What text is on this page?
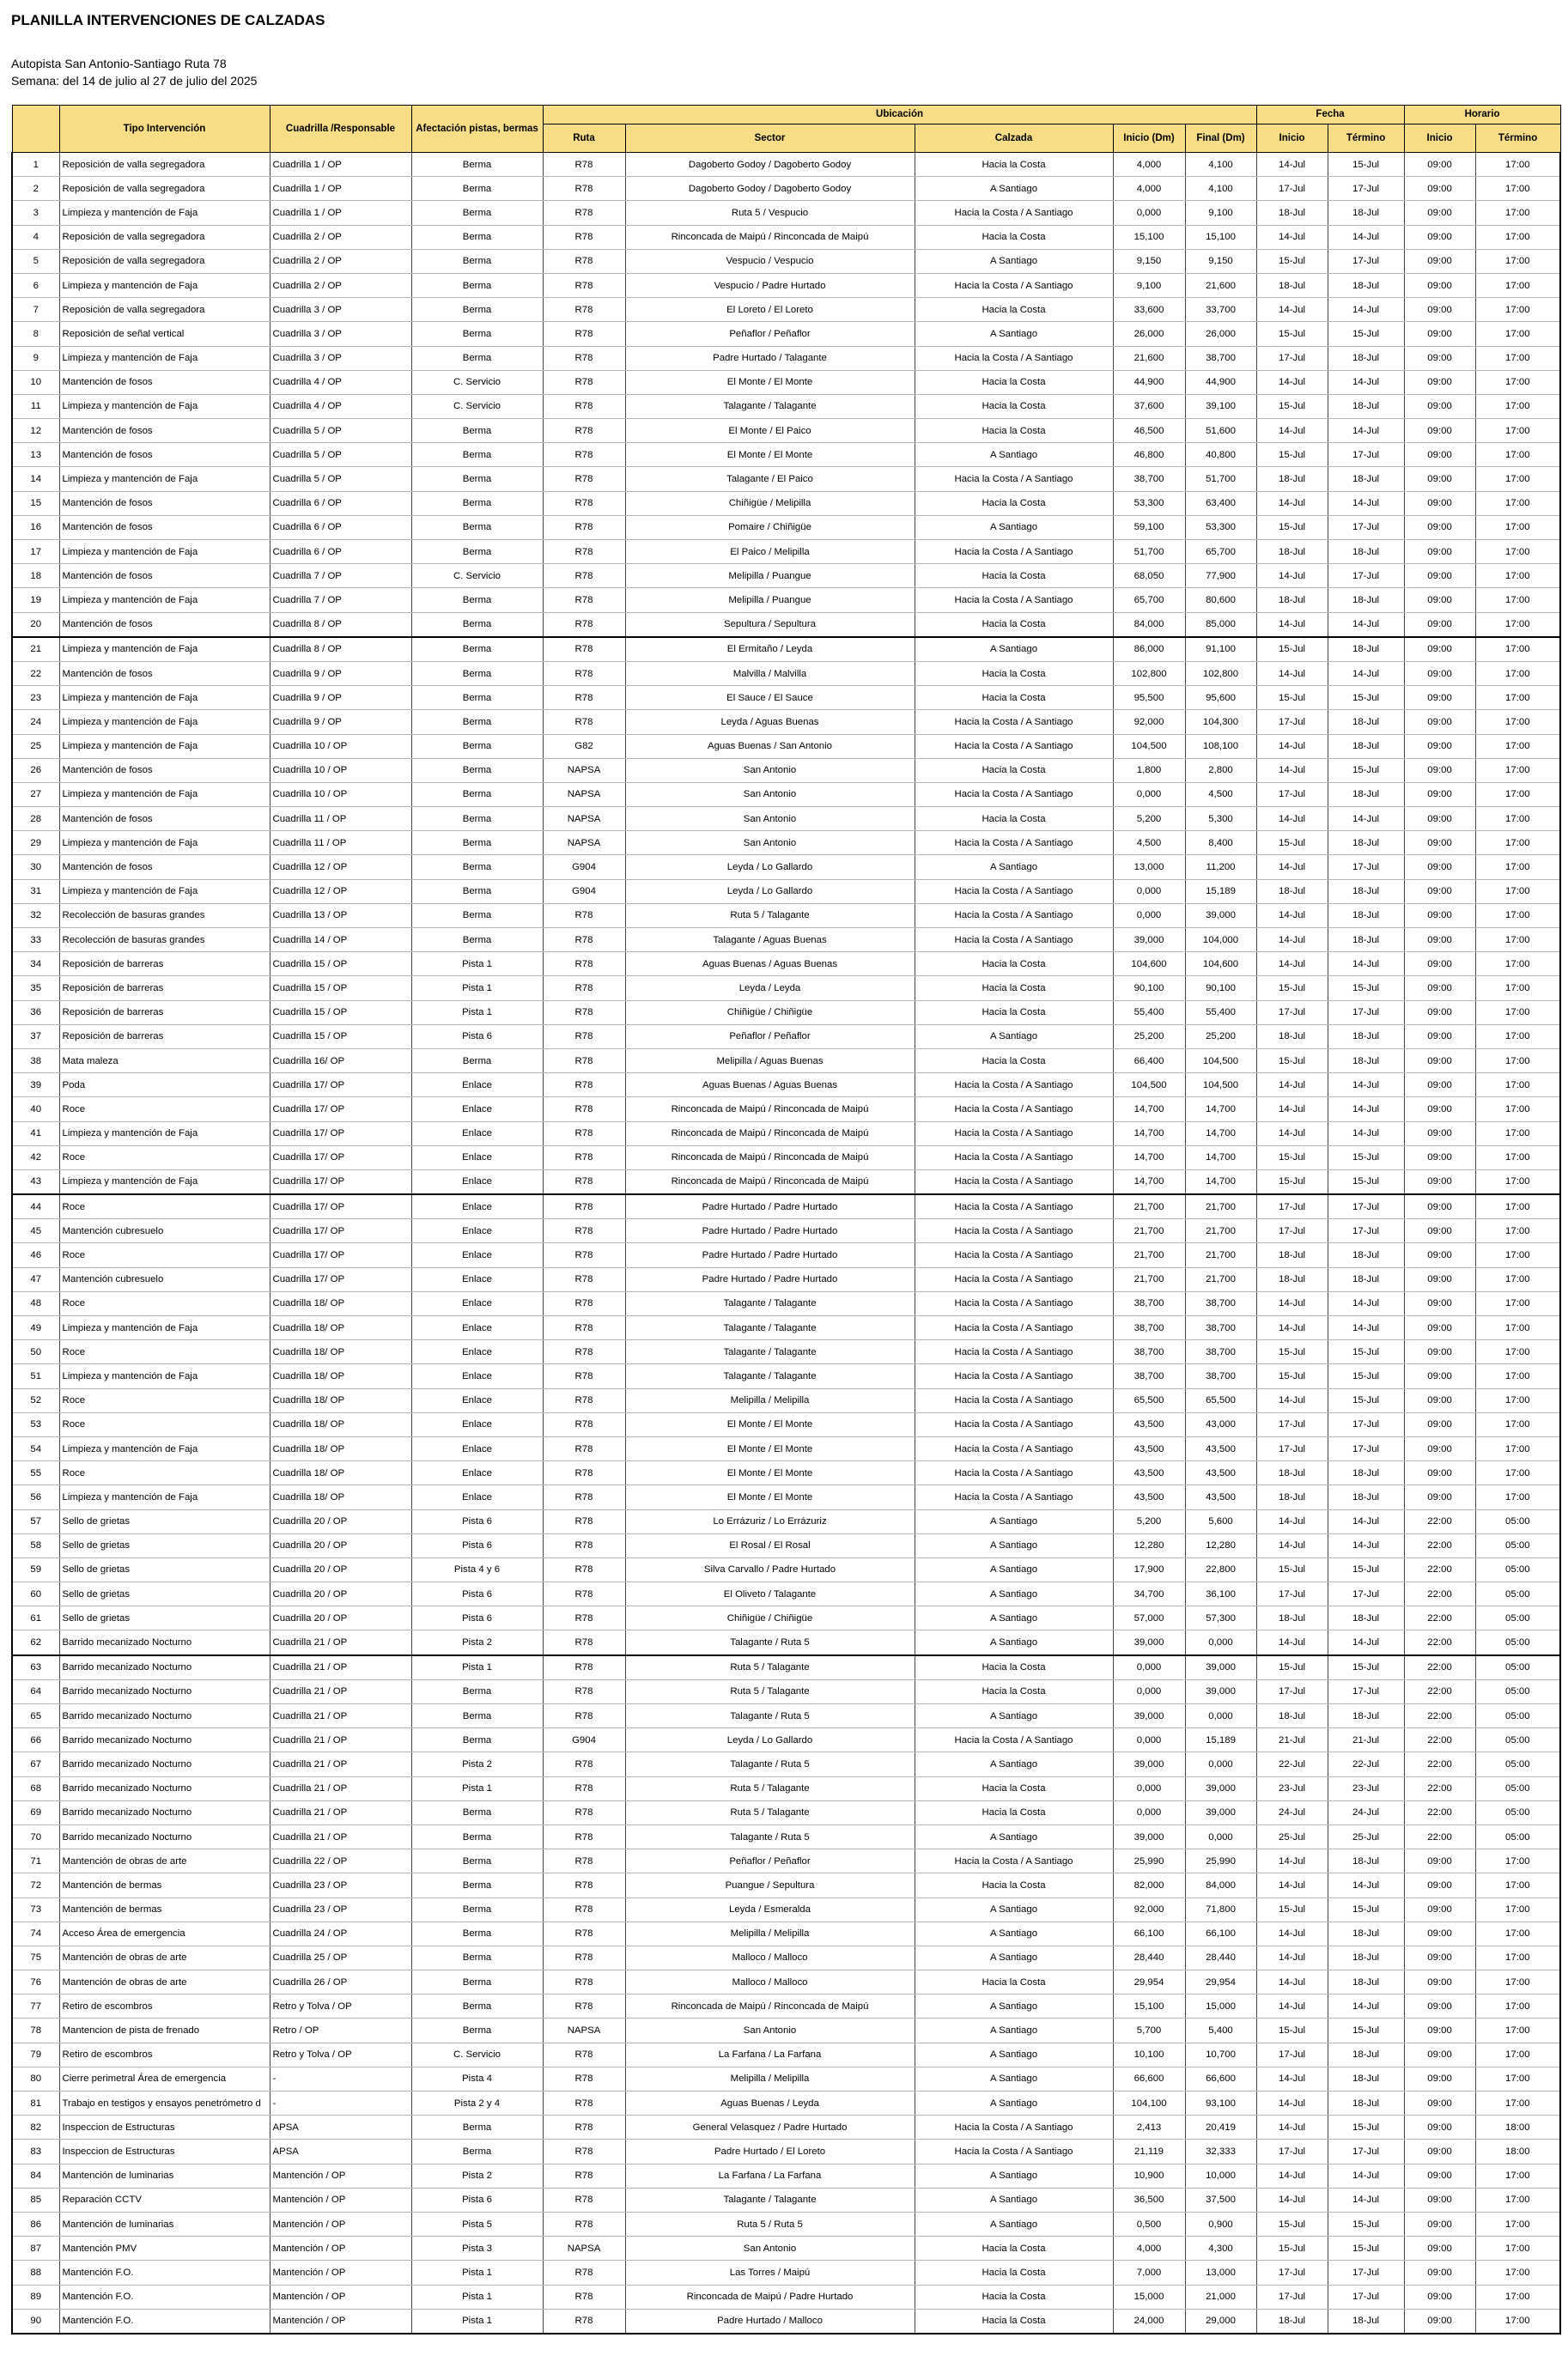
PLANILLA INTERVENCIONES DE CALZADAS
Autopista San Antonio-Santiago Ruta 78
Semana: del 14 de julio al 27 de julio del 2025
	Tipo Intervención	Cuadrilla /Responsable	Afectación pistas, bermas	Ubicación					Fecha		Horario	
				Ruta	Sector	Calzada	Inicio (Dm)	Final (Dm)	Inicio	Término	Inicio	Término
1	Reposición de valla segregadora	Cuadrilla 1 / OP	Berma	R78	Dagoberto Godoy / Dagoberto Godoy	Hacia la Costa	4,000	4,100	14-Jul	15-Jul	09:00	17:00
2	Reposición de valla segregadora	Cuadrilla 1 / OP	Berma	R78	Dagoberto Godoy / Dagoberto Godoy	A Santiago	4,000	4,100	17-Jul	17-Jul	09:00	17:00
3	Limpieza y mantención de Faja	Cuadrilla 1 / OP	Berma	R78	Ruta 5 / Vespucio	Hacia la Costa / A Santiago	0,000	9,100	18-Jul	18-Jul	09:00	17:00
4	Reposición de valla segregadora	Cuadrilla 2 / OP	Berma	R78	Rinconcada de Maipú / Rinconcada de Maipú	Hacia la Costa	15,100	15,100	14-Jul	14-Jul	09:00	17:00
5	Reposición de valla segregadora	Cuadrilla 2 / OP	Berma	R78	Vespucio / Vespucio	A Santiago	9,150	9,150	15-Jul	17-Jul	09:00	17:00
6	Limpieza y mantención de Faja	Cuadrilla 2 / OP	Berma	R78	Vespucio / Padre Hurtado	Hacia la Costa / A Santiago	9,100	21,600	18-Jul	18-Jul	09:00	17:00
7	Reposición de valla segregadora	Cuadrilla 3 / OP	Berma	R78	El Loreto / El Loreto	Hacia la Costa	33,600	33,700	14-Jul	14-Jul	09:00	17:00
8	Reposición de señal vertical	Cuadrilla 3 / OP	Berma	R78	Peñaflor / Peñaflor	A Santiago	26,000	26,000	15-Jul	15-Jul	09:00	17:00
9	Limpieza y mantención de Faja	Cuadrilla 3 / OP	Berma	R78	Padre Hurtado / Talagante	Hacia la Costa / A Santiago	21,600	38,700	17-Jul	18-Jul	09:00	17:00
10	Mantención de fosos	Cuadrilla 4 / OP	C. Servicio	R78	El Monte / El Monte	Hacia la Costa	44,900	44,900	14-Jul	14-Jul	09:00	17:00
11	Limpieza y mantención de Faja	Cuadrilla 4 / OP	C. Servicio	R78	Talagante / Talagante	Hacia la Costa	37,600	39,100	15-Jul	18-Jul	09:00	17:00
12	Mantención de fosos	Cuadrilla 5 / OP	Berma	R78	El Monte / El Paico	Hacia la Costa	46,500	51,600	14-Jul	14-Jul	09:00	17:00
13	Mantención de fosos	Cuadrilla 5 / OP	Berma	R78	El Monte / El Monte	A Santiago	46,800	40,800	15-Jul	17-Jul	09:00	17:00
14	Limpieza y mantención de Faja	Cuadrilla 5 / OP	Berma	R78	Talagante / El Paico	Hacia la Costa / A Santiago	38,700	51,700	18-Jul	18-Jul	09:00	17:00
15	Mantención de fosos	Cuadrilla 6 / OP	Berma	R78	Chiñigüe / Melipilla	Hacia la Costa	53,300	63,400	14-Jul	14-Jul	09:00	17:00
16	Mantención de fosos	Cuadrilla 6 / OP	Berma	R78	Pomaire / Chiñigüe	A Santiago	59,100	53,300	15-Jul	17-Jul	09:00	17:00
17	Limpieza y mantención de Faja	Cuadrilla 6 / OP	Berma	R78	El Paico / Melipilla	Hacia la Costa / A Santiago	51,700	65,700	18-Jul	18-Jul	09:00	17:00
18	Mantención de fosos	Cuadrilla 7 / OP	C. Servicio	R78	Melipilla / Puangue	Hacia la Costa	68,050	77,900	14-Jul	17-Jul	09:00	17:00
19	Limpieza y mantención de Faja	Cuadrilla 7 / OP	Berma	R78	Melipilla / Puangue	Hacia la Costa / A Santiago	65,700	80,600	18-Jul	18-Jul	09:00	17:00
20	Mantención de fosos	Cuadrilla 8 / OP	Berma	R78	Sepultura / Sepultura	Hacia la Costa	84,000	85,000	14-Jul	14-Jul	09:00	17:00
21	Limpieza y mantención de Faja	Cuadrilla 8 / OP	Berma	R78	El Ermitaño / Leyda	A Santiago	86,000	91,100	15-Jul	18-Jul	09:00	17:00
22	Mantención de fosos	Cuadrilla 9 / OP	Berma	R78	Malvilla / Malvilla	Hacia la Costa	102,800	102,800	14-Jul	14-Jul	09:00	17:00
23	Limpieza y mantención de Faja	Cuadrilla 9 / OP	Berma	R78	El Sauce / El Sauce	Hacia la Costa	95,500	95,600	15-Jul	15-Jul	09:00	17:00
24	Limpieza y mantención de Faja	Cuadrilla 9 / OP	Berma	R78	Leyda / Aguas Buenas	Hacia la Costa / A Santiago	92,000	104,300	17-Jul	18-Jul	09:00	17:00
25	Limpieza y mantención de Faja	Cuadrilla 10 / OP	Berma	G82	Aguas Buenas / San Antonio	Hacia la Costa / A Santiago	104,500	108,100	14-Jul	18-Jul	09:00	17:00
26	Mantención de fosos	Cuadrilla 10 / OP	Berma	NAPSA	San Antonio	Hacia la Costa	1,800	2,800	14-Jul	15-Jul	09:00	17:00
27	Limpieza y mantención de Faja	Cuadrilla 10 / OP	Berma	NAPSA	San Antonio	Hacia la Costa / A Santiago	0,000	4,500	17-Jul	18-Jul	09:00	17:00
28	Mantención de fosos	Cuadrilla 11 / OP	Berma	NAPSA	San Antonio	Hacia la Costa	5,200	5,300	14-Jul	14-Jul	09:00	17:00
29	Limpieza y mantención de Faja	Cuadrilla 11 / OP	Berma	NAPSA	San Antonio	Hacia la Costa / A Santiago	4,500	8,400	15-Jul	18-Jul	09:00	17:00
30	Mantención de fosos	Cuadrilla 12 / OP	Berma	G904	Leyda / Lo Gallardo	A Santiago	13,000	11,200	14-Jul	17-Jul	09:00	17:00
31	Limpieza y mantención de Faja	Cuadrilla 12 / OP	Berma	G904	Leyda / Lo Gallardo	Hacia la Costa / A Santiago	0,000	15,189	18-Jul	18-Jul	09:00	17:00
32	Recolección de basuras grandes	Cuadrilla 13 / OP	Berma	R78	Ruta 5 / Talagante	Hacia la Costa / A Santiago	0,000	39,000	14-Jul	18-Jul	09:00	17:00
33	Recolección de basuras grandes	Cuadrilla 14 / OP	Berma	R78	Talagante / Aguas Buenas	Hacia la Costa / A Santiago	39,000	104,000	14-Jul	18-Jul	09:00	17:00
34	Reposición de barreras	Cuadrilla 15 / OP	Pista 1	R78	Aguas Buenas / Aguas Buenas	Hacia la Costa	104,600	104,600	14-Jul	14-Jul	09:00	17:00
35	Reposición de barreras	Cuadrilla 15 / OP	Pista 1	R78	Leyda / Leyda	Hacia la Costa	90,100	90,100	15-Jul	15-Jul	09:00	17:00
36	Reposición de barreras	Cuadrilla 15 / OP	Pista 1	R78	Chiñigüe / Chiñigüe	Hacia la Costa	55,400	55,400	17-Jul	17-Jul	09:00	17:00
37	Reposición de barreras	Cuadrilla 15 / OP	Pista 6	R78	Peñaflor / Peñaflor	A Santiago	25,200	25,200	18-Jul	18-Jul	09:00	17:00
38	Mata maleza	Cuadrilla 16/ OP	Berma	R78	Melipilla / Aguas Buenas	Hacia la Costa	66,400	104,500	15-Jul	18-Jul	09:00	17:00
39	Poda	Cuadrilla 17/ OP	Enlace	R78	Aguas Buenas / Aguas Buenas	Hacia la Costa / A Santiago	104,500	104,500	14-Jul	14-Jul	09:00	17:00
40	Roce	Cuadrilla 17/ OP	Enlace	R78	Rinconcada de Maipú / Rinconcada de Maipú	Hacia la Costa / A Santiago	14,700	14,700	14-Jul	14-Jul	09:00	17:00
41	Limpieza y mantención de Faja	Cuadrilla 17/ OP	Enlace	R78	Rinconcada de Maipú / Rinconcada de Maipú	Hacia la Costa / A Santiago	14,700	14,700	14-Jul	14-Jul	09:00	17:00
42	Roce	Cuadrilla 17/ OP	Enlace	R78	Rinconcada de Maipú / Rinconcada de Maipú	Hacia la Costa / A Santiago	14,700	14,700	15-Jul	15-Jul	09:00	17:00
43	Limpieza y mantención de Faja	Cuadrilla 17/ OP	Enlace	R78	Rinconcada de Maipú / Rinconcada de Maipú	Hacia la Costa / A Santiago	14,700	14,700	15-Jul	15-Jul	09:00	17:00
44	Roce	Cuadrilla 17/ OP	Enlace	R78	Padre Hurtado / Padre Hurtado	Hacia la Costa / A Santiago	21,700	21,700	17-Jul	17-Jul	09:00	17:00
45	Mantención cubresuelo	Cuadrilla 17/ OP	Enlace	R78	Padre Hurtado / Padre Hurtado	Hacia la Costa / A Santiago	21,700	21,700	17-Jul	17-Jul	09:00	17:00
46	Roce	Cuadrilla 17/ OP	Enlace	R78	Padre Hurtado / Padre Hurtado	Hacia la Costa / A Santiago	21,700	21,700	18-Jul	18-Jul	09:00	17:00
47	Mantención cubresuelo	Cuadrilla 17/ OP	Enlace	R78	Padre Hurtado / Padre Hurtado	Hacia la Costa / A Santiago	21,700	21,700	18-Jul	18-Jul	09:00	17:00
48	Roce	Cuadrilla 18/ OP	Enlace	R78	Talagante / Talagante	Hacia la Costa / A Santiago	38,700	38,700	14-Jul	14-Jul	09:00	17:00
49	Limpieza y mantención de Faja	Cuadrilla 18/ OP	Enlace	R78	Talagante / Talagante	Hacia la Costa / A Santiago	38,700	38,700	14-Jul	14-Jul	09:00	17:00
50	Roce	Cuadrilla 18/ OP	Enlace	R78	Talagante / Talagante	Hacia la Costa / A Santiago	38,700	38,700	15-Jul	15-Jul	09:00	17:00
51	Limpieza y mantención de Faja	Cuadrilla 18/ OP	Enlace	R78	Talagante / Talagante	Hacia la Costa / A Santiago	38,700	38,700	15-Jul	15-Jul	09:00	17:00
52	Roce	Cuadrilla 18/ OP	Enlace	R78	Melipilla / Melipilla	Hacia la Costa / A Santiago	65,500	65,500	14-Jul	15-Jul	09:00	17:00
53	Roce	Cuadrilla 18/ OP	Enlace	R78	El Monte / El Monte	Hacia la Costa / A Santiago	43,500	43,000	17-Jul	17-Jul	09:00	17:00
54	Limpieza y mantención de Faja	Cuadrilla 18/ OP	Enlace	R78	El Monte / El Monte	Hacia la Costa / A Santiago	43,500	43,500	17-Jul	17-Jul	09:00	17:00
55	Roce	Cuadrilla 18/ OP	Enlace	R78	El Monte / El Monte	Hacia la Costa / A Santiago	43,500	43,500	18-Jul	18-Jul	09:00	17:00
56	Limpieza y mantención de Faja	Cuadrilla 18/ OP	Enlace	R78	El Monte / El Monte	Hacia la Costa / A Santiago	43,500	43,500	18-Jul	18-Jul	09:00	17:00
57	Sello de grietas	Cuadrilla 20 / OP	Pista 6	R78	Lo Errázuriz / Lo Errázuriz	A Santiago	5,200	5,600	14-Jul	14-Jul	22:00	05:00
58	Sello de grietas	Cuadrilla 20 / OP	Pista 6	R78	El Rosal / El Rosal	A Santiago	12,280	12,280	14-Jul	14-Jul	22:00	05:00
59	Sello de grietas	Cuadrilla 20 / OP	Pista 4 y 6	R78	Silva Carvallo / Padre Hurtado	A Santiago	17,900	22,800	15-Jul	15-Jul	22:00	05:00
60	Sello de grietas	Cuadrilla 20 / OP	Pista 6	R78	El Oliveto / Talagante	A Santiago	34,700	36,100	17-Jul	17-Jul	22:00	05:00
61	Sello de grietas	Cuadrilla 20 / OP	Pista 6	R78	Chiñigüe / Chiñigüe	A Santiago	57,000	57,300	18-Jul	18-Jul	22:00	05:00
62	Barrido mecanizado Nocturno	Cuadrilla 21 / OP	Pista 2	R78	Talagante / Ruta 5	A Santiago	39,000	0,000	14-Jul	14-Jul	22:00	05:00
63	Barrido mecanizado Nocturno	Cuadrilla 21 / OP	Pista 1	R78	Ruta 5 / Talagante	Hacia la Costa	0,000	39,000	15-Jul	15-Jul	22:00	05:00
64	Barrido mecanizado Nocturno	Cuadrilla 21 / OP	Berma	R78	Ruta 5 / Talagante	Hacia la Costa	0,000	39,000	17-Jul	17-Jul	22:00	05:00
65	Barrido mecanizado Nocturno	Cuadrilla 21 / OP	Berma	R78	Talagante / Ruta 5	A Santiago	39,000	0,000	18-Jul	18-Jul	22:00	05:00
66	Barrido mecanizado Nocturno	Cuadrilla 21 / OP	Berma	G904	Leyda / Lo Gallardo	Hacia la Costa / A Santiago	0,000	15,189	21-Jul	21-Jul	22:00	05:00
67	Barrido mecanizado Nocturno	Cuadrilla 21 / OP	Pista 2	R78	Talagante / Ruta 5	A Santiago	39,000	0,000	22-Jul	22-Jul	22:00	05:00
68	Barrido mecanizado Nocturno	Cuadrilla 21 / OP	Pista 1	R78	Ruta 5 / Talagante	Hacia la Costa	0,000	39,000	23-Jul	23-Jul	22:00	05:00
69	Barrido mecanizado Nocturno	Cuadrilla 21 / OP	Berma	R78	Ruta 5 / Talagante	Hacia la Costa	0,000	39,000	24-Jul	24-Jul	22:00	05:00
70	Barrido mecanizado Nocturno	Cuadrilla 21 / OP	Berma	R78	Talagante / Ruta 5	A Santiago	39,000	0,000	25-Jul	25-Jul	22:00	05:00
71	Mantención de obras de arte	Cuadrilla 22 / OP	Berma	R78	Peñaflor / Peñaflor	Hacia la Costa / A Santiago	25,990	25,990	14-Jul	18-Jul	09:00	17:00
72	Mantención de bermas	Cuadrilla 23 / OP	Berma	R78	Puangue / Sepultura	Hacia la Costa	82,000	84,000	14-Jul	14-Jul	09:00	17:00
73	Mantención de bermas	Cuadrilla 23 / OP	Berma	R78	Leyda / Esmeralda	A Santiago	92,000	71,800	15-Jul	15-Jul	09:00	17:00
74	Acceso Área de emergencia	Cuadrilla 24 / OP	Berma	R78	Melipilla / Melipilla	A Santiago	66,100	66,100	14-Jul	18-Jul	09:00	17:00
75	Mantención de obras de arte	Cuadrilla 25 / OP	Berma	R78	Malloco / Malloco	A Santiago	28,440	28,440	14-Jul	18-Jul	09:00	17:00
76	Mantención de obras de arte	Cuadrilla 26 / OP	Berma	R78	Malloco / Malloco	Hacia la Costa	29,954	29,954	14-Jul	18-Jul	09:00	17:00
77	Retiro de escombros	Retro y Tolva / OP	Berma	R78	Rinconcada de Maipú / Rinconcada de Maipú	A Santiago	15,100	15,000	14-Jul	14-Jul	09:00	17:00
78	Mantencion de pista de frenado	Retro / OP	Berma	NAPSA	San Antonio	A Santiago	5,700	5,400	15-Jul	15-Jul	09:00	17:00
79	Retiro de escombros	Retro y Tolva / OP	C. Servicio	R78	La Farfana / La Farfana	A Santiago	10,100	10,700	17-Jul	18-Jul	09:00	17:00
80	Cierre perimetral Área de emergencia	-	Pista 4	R78	Melipilla / Melipilla	A Santiago	66,600	66,600	14-Jul	18-Jul	09:00	17:00
81	Trabajo en testigos y ensayos penetrómetro d	-	Pista 2 y 4	R78	Aguas Buenas / Leyda	A Santiago	104,100	93,100	14-Jul	18-Jul	09:00	17:00
82	Inspeccion de Estructuras	APSA	Berma	R78	General Velasquez / Padre Hurtado	Hacia la Costa / A Santiago	2,413	20,419	14-Jul	15-Jul	09:00	18:00
83	Inspeccion de Estructuras	APSA	Berma	R78	Padre Hurtado / El Loreto	Hacia la Costa / A Santiago	21,119	32,333	17-Jul	17-Jul	09:00	18:00
84	Mantención de luminarias	Mantención / OP	Pista 2	R78	La Farfana / La Farfana	A Santiago	10,900	10,000	14-Jul	14-Jul	09:00	17:00
85	Reparación CCTV	Mantención / OP	Pista 6	R78	Talagante / Talagante	A Santiago	36,500	37,500	14-Jul	14-Jul	09:00	17:00
86	Mantención de luminarias	Mantención / OP	Pista 5	R78	Ruta 5 / Ruta 5	A Santiago	0,500	0,900	15-Jul	15-Jul	09:00	17:00
87	Mantención PMV	Mantención / OP	Pista 3	NAPSA	San Antonio	Hacia la Costa	4,000	4,300	15-Jul	15-Jul	09:00	17:00
88	Mantención F.O.	Mantención / OP	Pista 1	R78	Las Torres / Maipú	Hacia la Costa	7,000	13,000	17-Jul	17-Jul	09:00	17:00
89	Mantención F.O.	Mantención / OP	Pista 1	R78	Rinconcada de Maipú / Padre Hurtado	Hacia la Costa	15,000	21,000	17-Jul	17-Jul	09:00	17:00
90	Mantención F.O.	Mantención / OP	Pista 1	R78	Padre Hurtado / Malloco	Hacia la Costa	24,000	29,000	18-Jul	18-Jul	09:00	17:00
